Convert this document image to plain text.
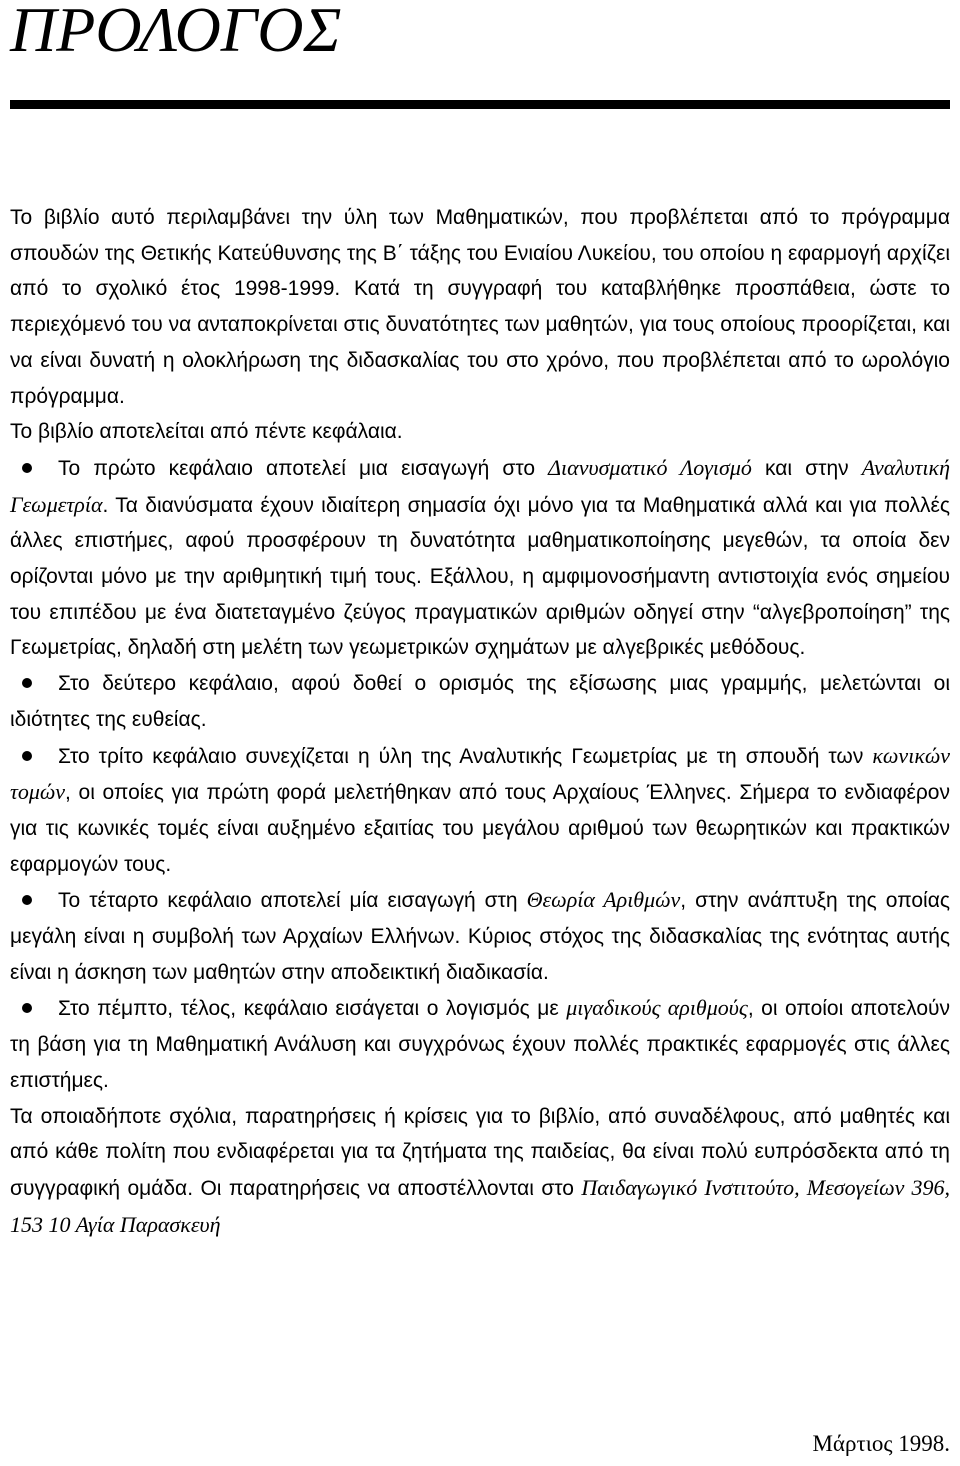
ΠΡΟΛΟΓΟΣ

Το βιβλίο αυτό περιλαμβάνει την ύλη των Μαθηματικών, που προβλέπεται από το πρόγραμμα σπουδών της Θετικής Κατεύθυνσης της Β΄ τάξης του Ενιαίου Λυκείου, του οποίου η εφαρμογή αρχίζει από το σχολικό έτος 1998-1999. Κατά τη συγγραφή του καταβλήθηκε προσπάθεια, ώστε το περιεχόμενό του να ανταποκρίνεται στις δυνατότητες των μαθητών, για τους οποίους προορίζεται, και να είναι δυνατή η ολοκλήρωση της διδασκαλίας του στο χρόνο, που προβλέπεται από το ωρολόγιο πρόγραμμα.

Το βιβλίο αποτελείται από πέντε κεφάλαια.

Το πρώτο κεφάλαιο αποτελεί μια εισαγωγή στο Διανυσματικό Λογισμό και στην Αναλυτική Γεωμετρία. Τα διανύσματα έχουν ιδιαίτερη σημασία όχι μόνο για τα Μαθηματικά αλλά και για πολλές άλλες επιστήμες, αφού προσφέρουν τη δυνατότητα μαθηματικοποίησης μεγεθών, τα οποία δεν ορίζονται μόνο με την αριθμητική τιμή τους. Εξάλλου, η αμφιμονοσήμαντη αντιστοιχία ενός σημείου του επιπέδου με ένα διατεταγμένο ζεύγος πραγματικών αριθμών οδηγεί στην “αλγεβροποίηση” της Γεωμετρίας, δηλαδή στη μελέτη των γεωμετρικών σχημάτων με αλγεβρικές μεθόδους.

Στο δεύτερο κεφάλαιο, αφού δοθεί ο ορισμός της εξίσωσης μιας γραμμής, μελετώνται οι ιδιότητες της ευθείας.

Στο τρίτο κεφάλαιο συνεχίζεται η ύλη της Αναλυτικής Γεωμετρίας με τη σπουδή των κωνικών τομών, οι οποίες για πρώτη φορά μελετήθηκαν από τους Αρχαίους Έλληνες. Σήμερα το ενδιαφέρον για τις κωνικές τομές είναι αυξημένο εξαιτίας του μεγάλου αριθμού των θεωρητικών και πρακτικών εφαρμογών τους.

Το τέταρτο κεφάλαιο αποτελεί μία εισαγωγή στη Θεωρία Αριθμών, στην ανάπτυξη της οποίας μεγάλη είναι η συμβολή των Αρχαίων Ελλήνων. Κύριος στόχος της διδασκαλίας της ενότητας αυτής είναι η άσκηση των μαθητών στην αποδεικτική διαδικασία.

Στο πέμπτο, τέλος, κεφάλαιο εισάγεται ο λογισμός με μιγαδικούς αριθμούς, οι οποίοι αποτελούν τη βάση για τη Μαθηματική Ανάλυση και συγχρόνως έχουν πολλές πρακτικές εφαρμογές στις άλλες επιστήμες.

Τα οποιαδήποτε σχόλια, παρατηρήσεις ή κρίσεις για το βιβλίο, από συναδέλφους, από μαθητές και από κάθε πολίτη που ενδιαφέρεται για τα ζητήματα της παιδείας, θα είναι πολύ ευπρόσδεκτα από τη συγγραφική ομάδα. Οι παρατηρήσεις να αποστέλλονται στο Παιδαγωγικό Ινστιτούτο, Μεσογείων 396, 153 10 Αγία Παρασκευή

Μάρτιος 1998.
